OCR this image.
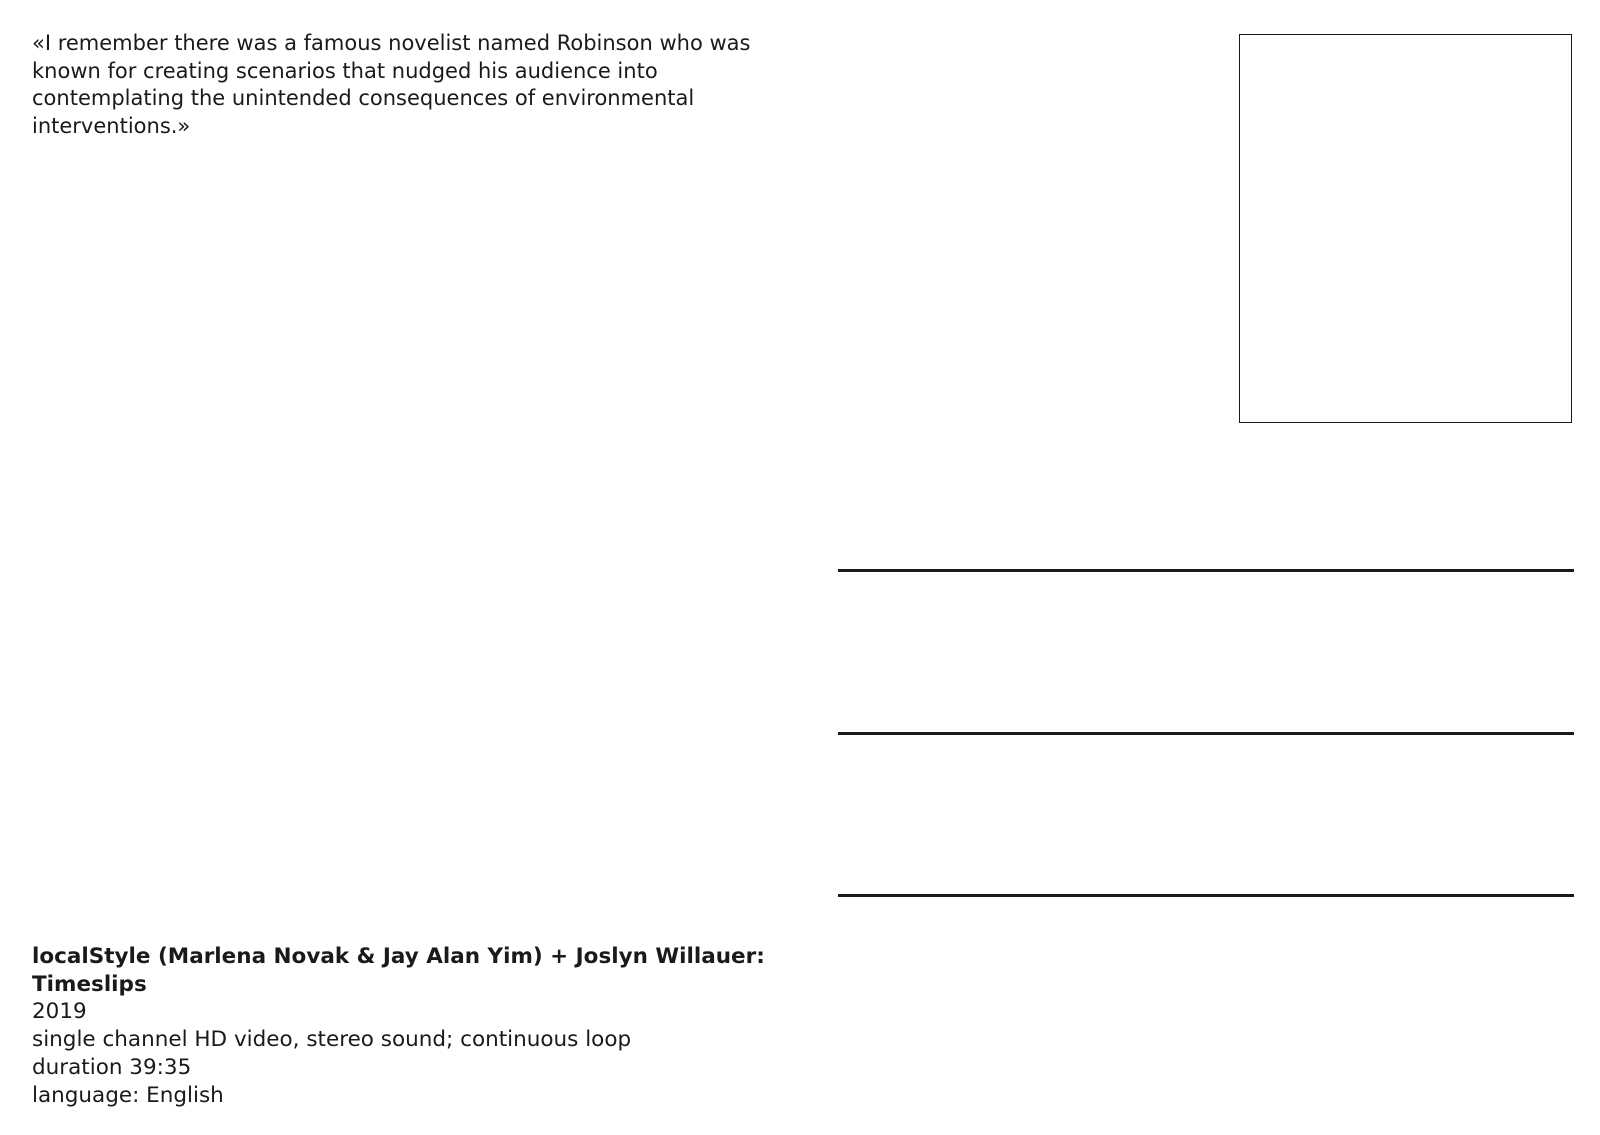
«I remember there was a famous novelist named Robinson who was known for creating scenarios that nudged his audience into contemplating the unintended consequences of environmental interventions.»

localStyle (Marlena Novak & Jay Alan Yim) + Joslyn Willauer: Timeslips
2019
single channel HD video, stereo sound; continuous loop
duration 39:35
language: English
